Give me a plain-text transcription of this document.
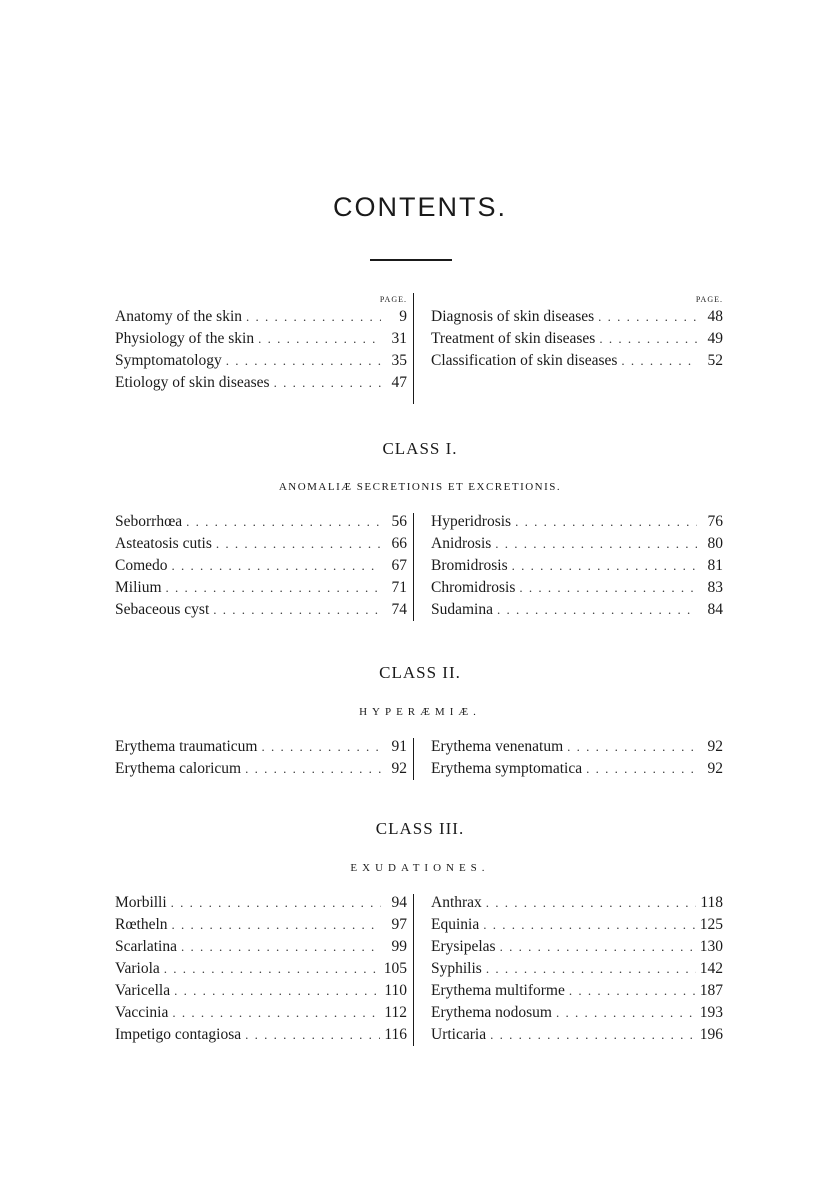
CONTENTS.
PAGE.
Anatomy of the skin . . .	9
Physiology of the skin . . .	31
Symptomatology . . .	35
Etiology of skin diseases . . .	47
PAGE.
Diagnosis of skin diseases . . .	48
Treatment of skin diseases . . .	49
Classification of skin diseases . . .	52
CLASS I.
ANOMALIÆ SECRETIONIS ET EXCRETIONIS.
Seborrhœa . . .	56
Asteatosis cutis . . .	66
Comedo . . .	67
Milium . . .	71
Sebaceous cyst . . .	74
Hyperidrosis . . .	76
Anidrosis . . .	80
Bromidrosis . . .	81
Chromidrosis . . .	83
Sudamina . . .	84
CLASS II.
HYPERÆMIÆ.
Erythema traumaticum . . .	91
Erythema caloricum . . .	92
Erythema venenatum . . .	92
Erythema symptomatica . . .	92
CLASS III.
EXUDATIONES.
Morbilli . . .	94
Rœtheln . . .	97
Scarlatina . . .	99
Variola . . .	105
Varicella . . .	110
Vaccinia . . .	112
Impetigo contagiosa . . .	116
Anthrax . . .	118
Equinia . . .	125
Erysipelas . . .	130
Syphilis . . .	142
Erythema multiforme . . .	187
Erythema nodosum . . .	193
Urticaria . . .	196
